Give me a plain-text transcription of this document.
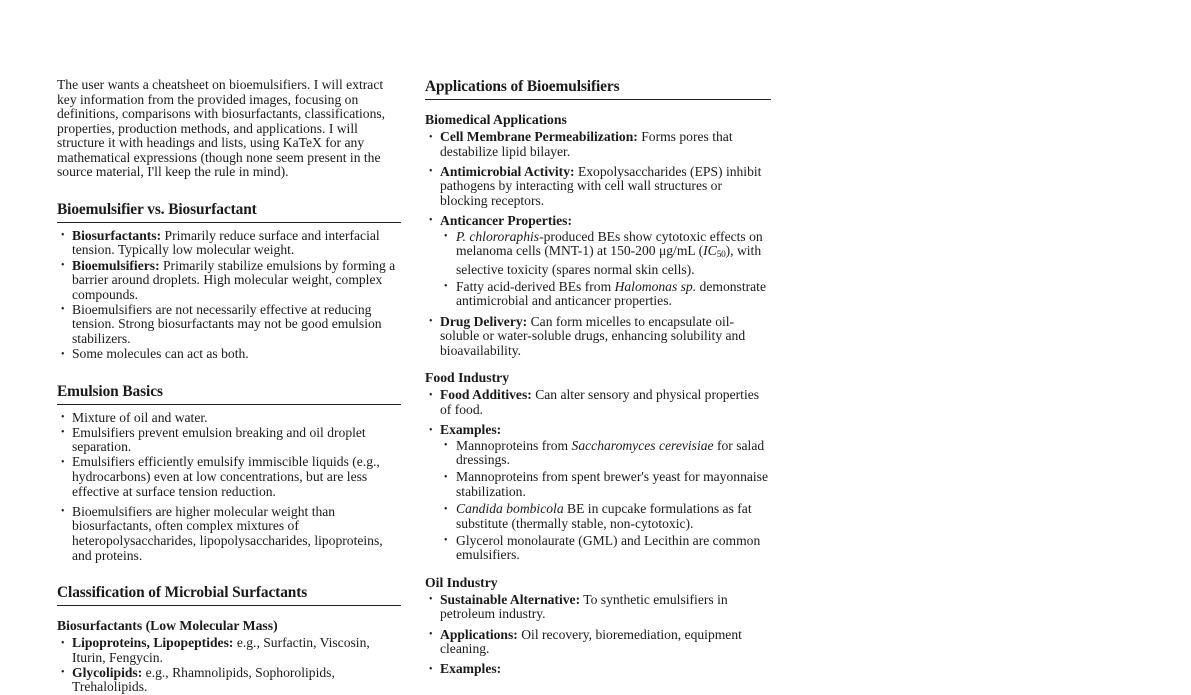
The user wants a cheatsheet on bioemulsifiers. I will extract key information from the provided images, focusing on definitions, comparisons with biosurfactants, classifications, properties, production methods, and applications. I will structure it with headings and lists, using KaTeX for any mathematical expressions (though none seem present in the source material, I'll keep the rule in mind).

Bioemulsifier vs. Biosurfactant
• Biosurfactants: Primarily reduce surface and interfacial tension. Typically low molecular weight.
• Bioemulsifiers: Primarily stabilize emulsions by forming a barrier around droplets. High molecular weight, complex compounds.
• Bioemulsifiers are not necessarily effective at reducing tension. Strong biosurfactants may not be good emulsion stabilizers.
• Some molecules can act as both.
Emulsion Basics
• Mixture of oil and water.
• Emulsifiers prevent emulsion breaking and oil droplet separation.
• Emulsifiers efficiently emulsify immiscible liquids (e.g., hydrocarbons) even at low concentrations, but are less effective at surface tension reduction.
• Bioemulsifiers are higher molecular weight than biosurfactants, often complex mixtures of heteropolysaccharides, lipopolysaccharides, lipoproteins, and proteins.
Classification of Microbial Surfactants
Biosurfactants (Low Molecular Mass)
• Lipoproteins, Lipopeptides: e.g., Surfactin, Viscosin, Iturin, Fengycin.
• Glycolipids: e.g., Rhamnolipids, Sophorolipids, Trehalolipids.
Applications of Bioemulsifiers
Biomedical Applications
• Cell Membrane Permeabilization: Forms pores that destabilize lipid bilayer.
• Antimicrobial Activity: Exopolysaccharides (EPS) inhibit pathogens by interacting with cell wall structures or blocking receptors.
• Anticancer Properties:
• P. chlororaphis-produced BEs show cytotoxic effects on melanoma cells (MNT-1) at 150-200 μg/mL (IC50), with selective toxicity (spares normal skin cells).
• Fatty acid-derived BEs from Halomonas sp. demonstrate antimicrobial and anticancer properties.
• Drug Delivery: Can form micelles to encapsulate oil-soluble or water-soluble drugs, enhancing solubility and bioavailability.
Food Industry
• Food Additives: Can alter sensory and physical properties of food.
• Examples:
• Mannoproteins from Saccharomyces cerevisiae for salad dressings.
• Mannoproteins from spent brewer's yeast for mayonnaise stabilization.
• Candida bombicola BE in cupcake formulations as fat substitute (thermally stable, non-cytotoxic).
• Glycerol monolaurate (GML) and Lecithin are common emulsifiers.
Oil Industry
• Sustainable Alternative: To synthetic emulsifiers in petroleum industry.
• Applications: Oil recovery, bioremediation, equipment cleaning.
• Examples:
